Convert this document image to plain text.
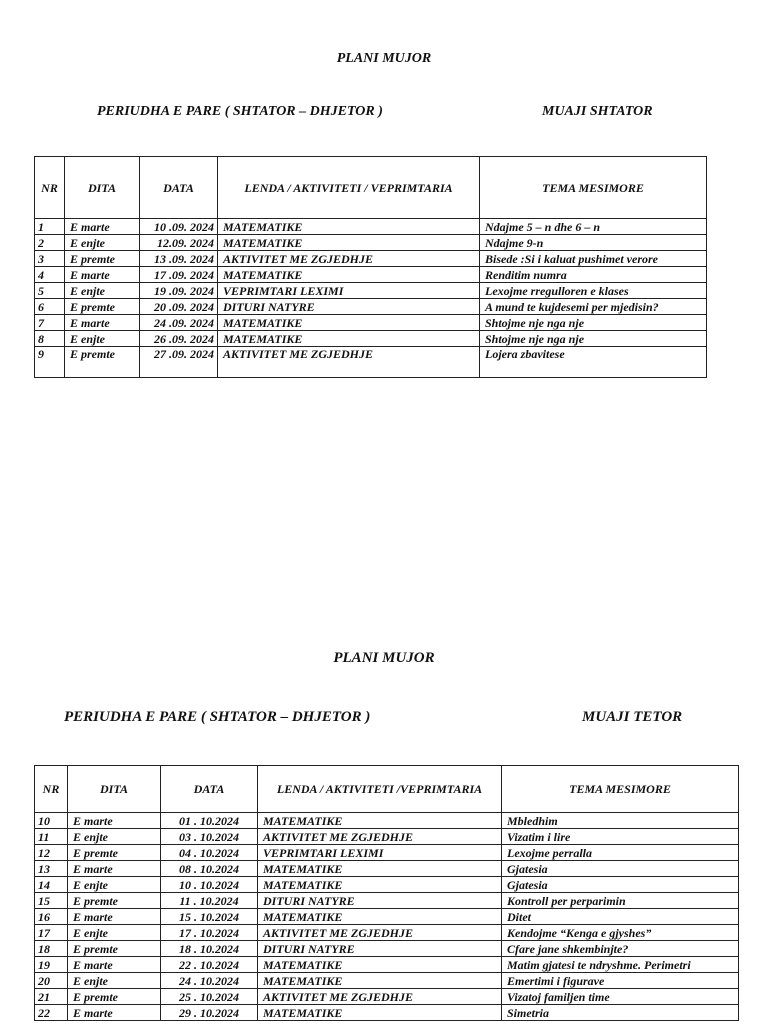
PLANI MUJOR
PERIUDHA E PARE ( SHTATOR – DHJETOR )	MUAJI SHTATOR
NR	DITA	DATA	LENDA / AKTIVITETI / VEPRIMTARIA	TEMA MESIMORE
1	E marte	10 .09. 2024	MATEMATIKE	Ndajme 5 – n dhe 6 – n
2	E enjte	12.09. 2024	MATEMATIKE	Ndajme 9-n
3	E premte	13 .09. 2024	AKTIVITET ME ZGJEDHJE	Bisede :Si i kaluat pushimet verore
4	E marte	17 .09. 2024	MATEMATIKE	Renditim numra
5	E enjte	19 .09. 2024	VEPRIMTARI LEXIMI	Lexojme rregulloren e klases
6	E premte	20 .09. 2024	DITURI NATYRE	A mund te kujdesemi per mjedisin?
7	E marte	24 .09. 2024	MATEMATIKE	Shtojme nje nga nje
8	E enjte	26 .09. 2024	MATEMATIKE	Shtojme nje nga nje
9	E premte	27 .09. 2024	AKTIVITET ME ZGJEDHJE	Lojera zbavitese
PLANI MUJOR
PERIUDHA E PARE ( SHTATOR – DHJETOR )	MUAJI TETOR
NR	DITA	DATA	LENDA / AKTIVITETI /VEPRIMTARIA	TEMA MESIMORE
10	E marte	01 . 10.2024	MATEMATIKE	Mbledhim
11	E enjte	03 . 10.2024	AKTIVITET ME ZGJEDHJE	Vizatim i lire
12	E premte	04 . 10.2024	VEPRIMTARI LEXIMI	Lexojme perralla
13	E marte	08 . 10.2024	MATEMATIKE	Gjatesia
14	E enjte	10 . 10.2024	MATEMATIKE	Gjatesia
15	E premte	11 . 10.2024	DITURI NATYRE	Kontroll per perparimin
16	E marte	15 . 10.2024	MATEMATIKE	Ditet
17	E enjte	17 . 10.2024	AKTIVITET ME ZGJEDHJE	Kendojme “Kenga e gjyshes”
18	E premte	18 . 10.2024	DITURI NATYRE	Cfare jane shkembinjte?
19	E marte	22 . 10.2024	MATEMATIKE	Matim gjatesi te ndryshme. Perimetri
20	E enjte	24 . 10.2024	MATEMATIKE	Emertimi i figurave
21	E premte	25 . 10.2024	AKTIVITET ME ZGJEDHJE	Vizatoj familjen time
22	E marte	29 . 10.2024	MATEMATIKE	Simetria
